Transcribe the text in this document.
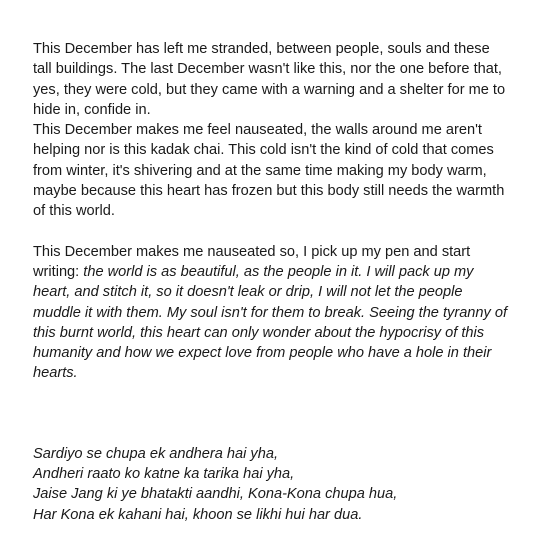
This December has left me stranded, between people, souls and these tall buildings. The last December wasn't like this, nor the one before that, yes, they were cold, but they came with a warning and a shelter for me to hide in, confide in.

This December makes me feel nauseated, the walls around me aren't helping nor is this kadak chai. This cold isn't the kind of cold that comes from winter, it's shivering and at the same time making my body warm, maybe because this heart has frozen but this body still needs the warmth of this world.

This December makes me nauseated so, I pick up my pen and start writing: the world is as beautiful, as the people in it. I will pack up my heart, and stitch it, so it doesn't leak or drip, I will not let the people muddle it with them. My soul isn't for them to break. Seeing the tyranny of this burnt world, this heart can only wonder about the hypocrisy of this humanity and how we expect love from people who have a hole in their hearts.

Sardiyo se chupa ek andhera hai yha,
Andheri raato ko katne ka tarika hai yha,
Jaise Jang ki ye bhatakti aandhi, Kona-Kona chupa hua,
Har Kona ek kahani hai, khoon se likhi hui har dua.
